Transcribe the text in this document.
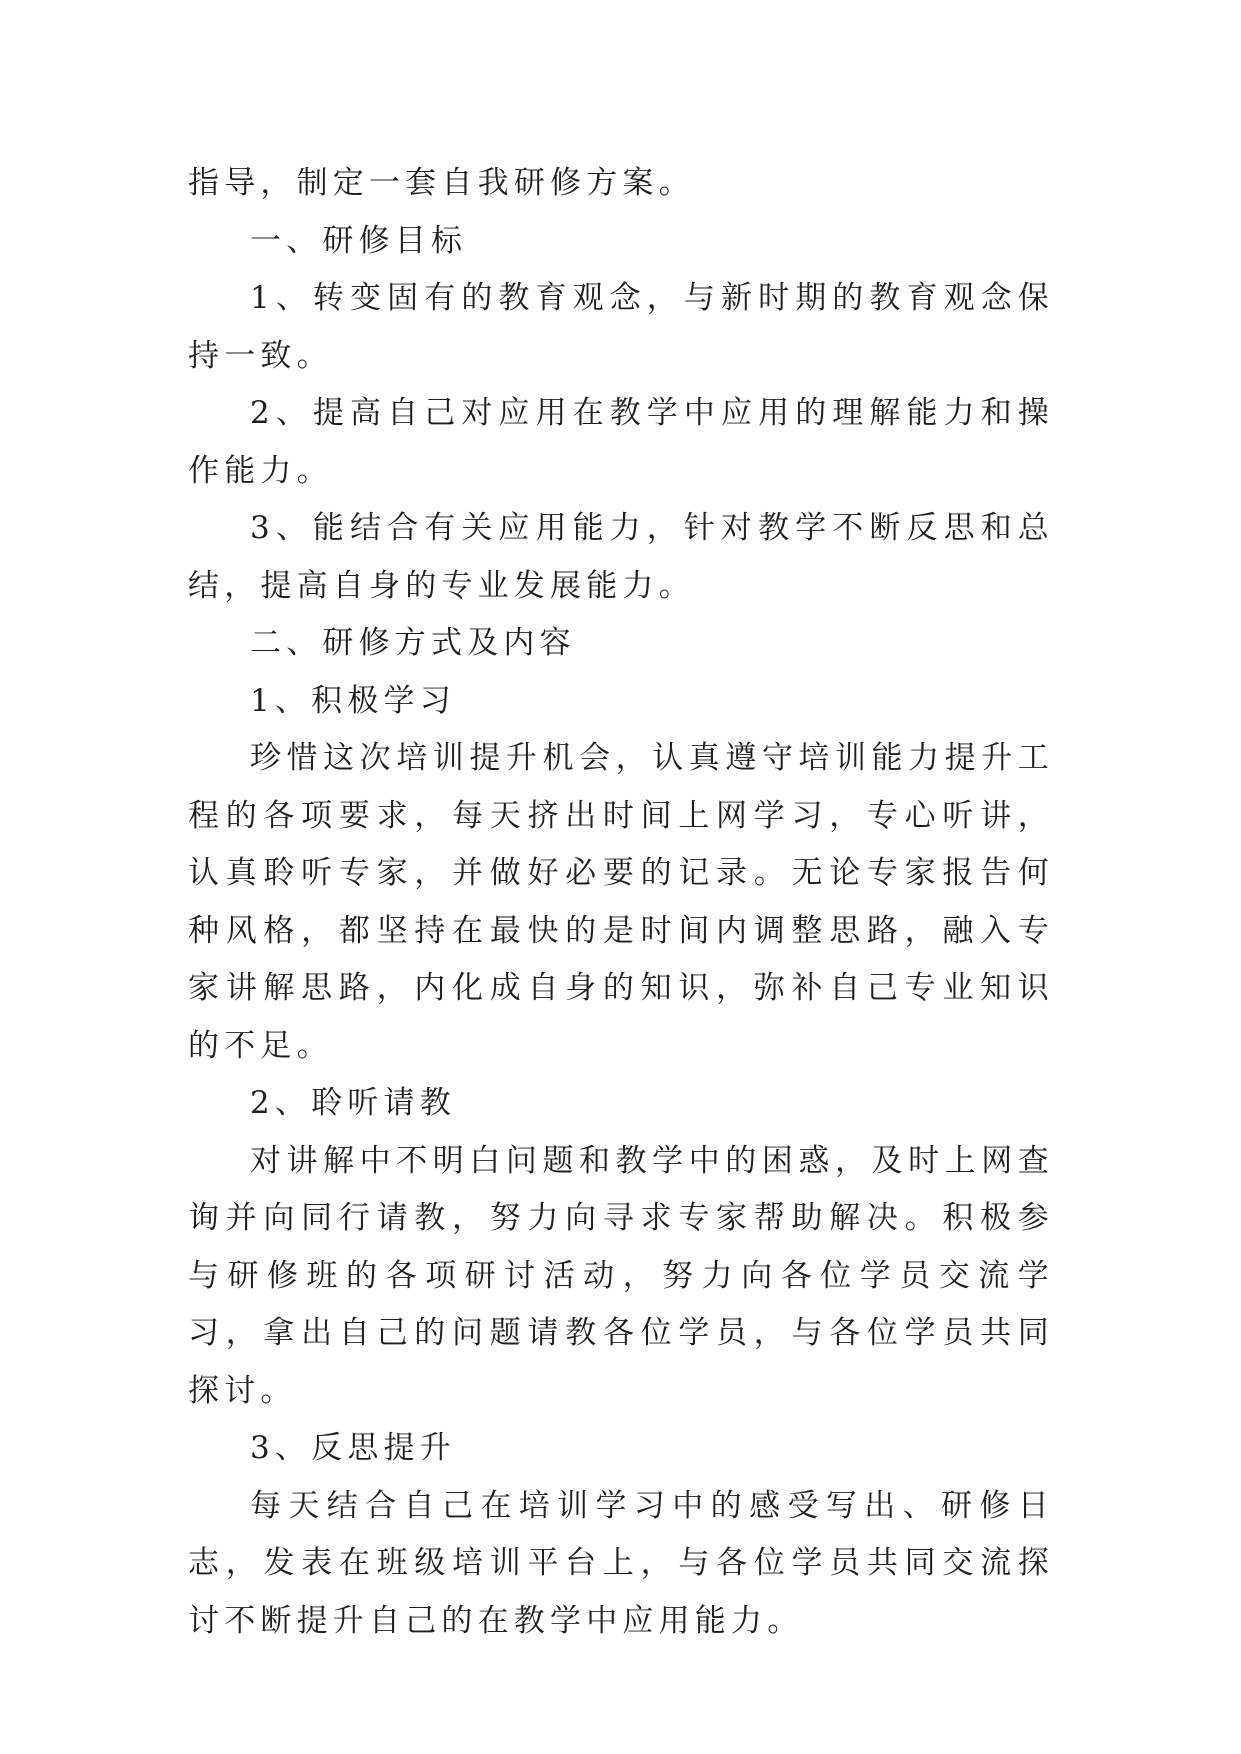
指导，制定一套自我研修方案。

一、研修目标

1、转变固有的教育观念，与新时期的教育观念保持一致。

2、提高自己对应用在教学中应用的理解能力和操作能力。

3、能结合有关应用能力，针对教学不断反思和总结，提高自身的专业发展能力。

二、研修方式及内容

1、积极学习

珍惜这次培训提升机会，认真遵守培训能力提升工程的各项要求，每天挤出时间上网学习，专心听讲，认真聆听专家，并做好必要的记录。无论专家报告何种风格，都坚持在最快的是时间内调整思路，融入专家讲解思路，内化成自身的知识，弥补自己专业知识的不足。

2、聆听请教

对讲解中不明白问题和教学中的困惑，及时上网查询并向同行请教，努力向寻求专家帮助解决。积极参与研修班的各项研讨活动，努力向各位学员交流学习，拿出自己的问题请教各位学员，与各位学员共同探讨。

3、反思提升

每天结合自己在培训学习中的感受写出、研修日志，发表在班级培训平台上，与各位学员共同交流探讨不断提升自己的在教学中应用能力。
